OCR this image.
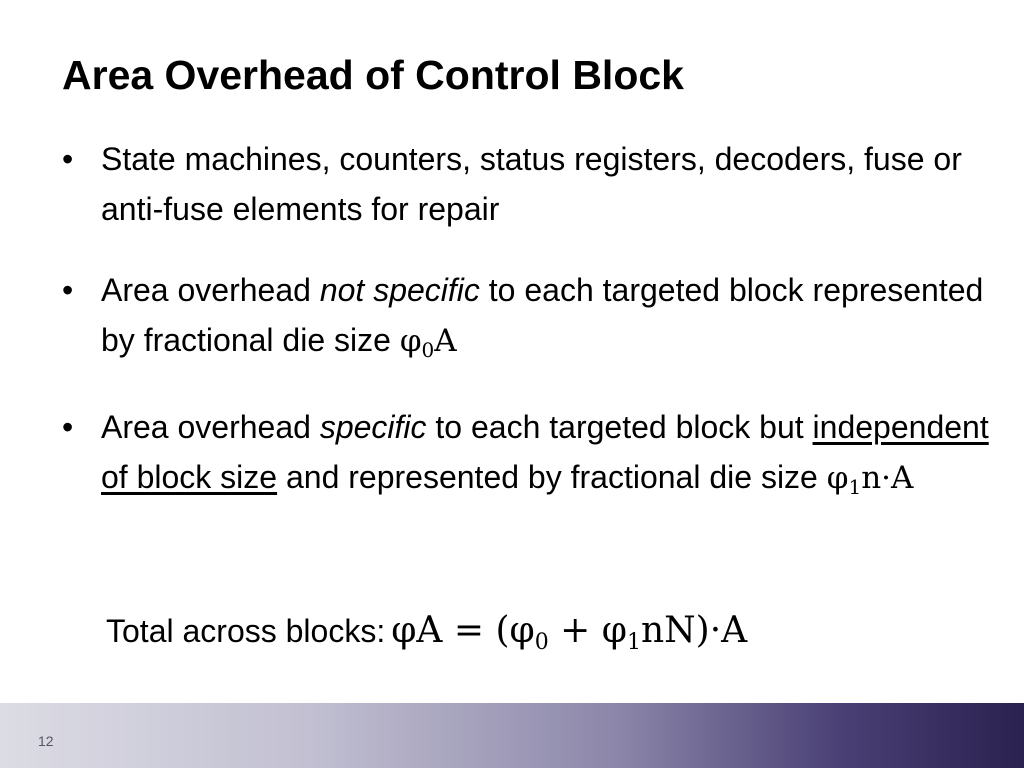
Area Overhead of Control Block
• State machines, counters, status registers, decoders, fuse or anti-fuse elements for repair
• Area overhead not specific to each targeted block represented by fractional die size $\varphi_0A$
• Area overhead specific to each targeted block but independent of block size and represented by fractional die size $\varphi_1n\cdot A$
Total across blocks: $\varphi A = (\varphi_0 + \varphi_1nN)\cdot A$
12
